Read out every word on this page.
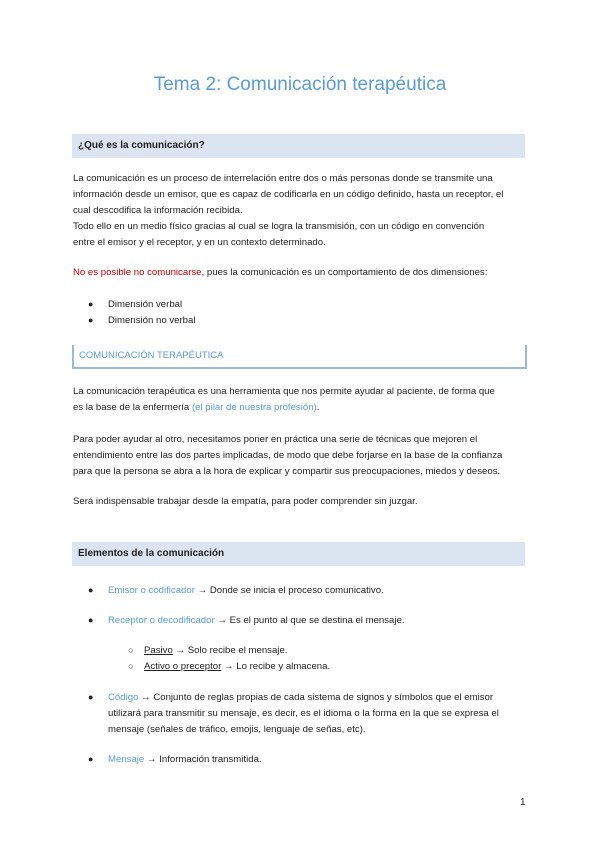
Tema 2: Comunicación terapéutica
¿Qué es la comunicación?
La comunicación es un proceso de interrelación entre dos o más personas donde se transmite una
información desde un emisor, que es capaz de codificarla en un código definido, hasta un receptor, el
cual descodifica la información recibida.
Todo ello en un medio físico gracias al cual se logra la transmisión, con un código en convención
entre el emisor y el receptor, y en un contexto determinado.
No es posible no comunicarse, pues la comunicación es un comportamiento de dos dimensiones:
● Dimensión verbal
● Dimensión no verbal
COMUNICACIÓN TERAPÉUTICA
La comunicación terapéutica es una herramienta que nos permite ayudar al paciente, de forma que
es la base de la enfermería (el pilar de nuestra profesión).
Para poder ayudar al otro, necesitamos poner en práctica una serie de técnicas que mejoren el
entendimiento entre las dos partes implicadas, de modo que debe forjarse en la base de la confianza
para que la persona se abra a la hora de explicar y compartir sus preocupaciones, miedos y deseos.
Será indispensable trabajar desde la empatía, para poder comprender sin juzgar.
Elementos de la comunicación
● Emisor o codificador → Donde se inicia el proceso comunicativo.
● Receptor o decodificador → Es el punto al que se destina el mensaje.
○ Pasivo → Solo recibe el mensaje.
○ Activo o preceptor → Lo recibe y almacena.
● Código → Conjunto de reglas propias de cada sistema de signos y símbolos que el emisor
utilizará para transmitir su mensaje, es decir, es el idioma o la forma en la que se expresa el
mensaje (señales de tráfico, emojis, lenguaje de señas, etc).
● Mensaje → Información transmitida.
1
